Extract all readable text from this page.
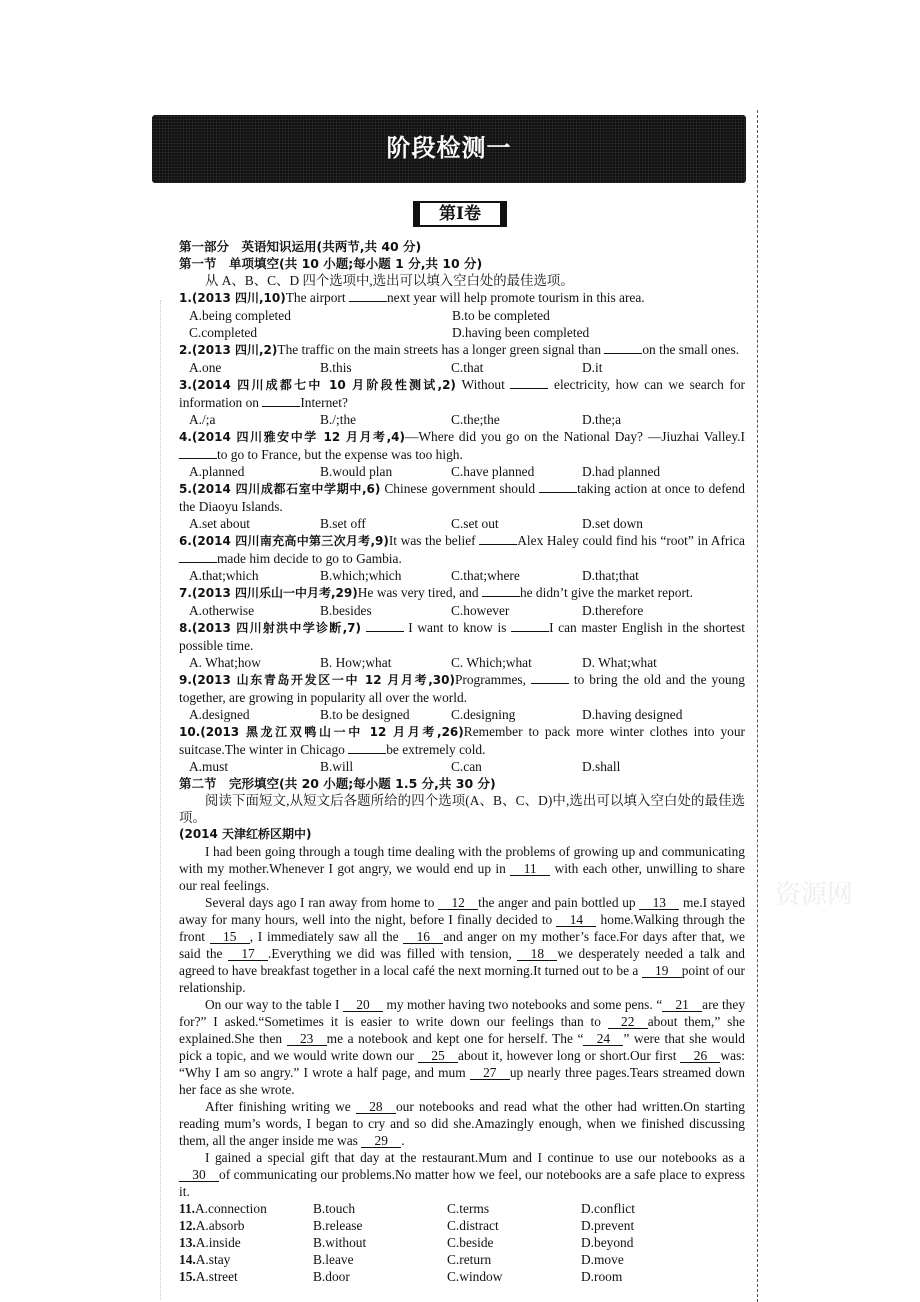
资源网
阶段检测一
第Ⅰ卷
第一部分　英语知识运用(共两节,共 40 分)
第一节　单项填空(共 10 小题;每小题 1 分,共 10 分)
从 A、B、C、D 四个选项中,选出可以填入空白处的最佳选项。
1.(2013 四川,10)The airport	next year will help promote tourism in this area.
A.being completed	B.to be completed
C.completed	D.having been completed
2.(2013 四川,2)The traffic on the main streets has a longer green signal than	on the small ones.
A.one	B.this	C.that	D.it
3.(2014 四川成都七中 10 月阶段性测试,2) Without	electricity, how can we search for information on	Internet?
A./;a	B./;the	C.the;the	D.the;a
4.(2014 四川雅安中学 12 月月考,4)—Where did you go on the National Day? —Jiuzhai Valley.I to go to France, but the expense was too high.
A.planned	B.would plan	C.have planned	D.had planned
5.(2014 四川成都石室中学期中,6) Chinese government should	taking action at once to defend the Diaoyu Islands.
A.set about	B.set off	C.set out	D.set down
6.(2014 四川南充高中第三次月考,9)It was the belief	Alex Haley could find his “root” in Africa made him decide to go to Gambia.
A.that;which	B.which;which	C.that;where	D.that;that
7.(2013 四川乐山一中月考,29)He was very tired, and	he didn’t give the market report.
A.otherwise	B.besides	C.however	D.therefore
8.(2013 四川射洪中学诊断,7)	I want to know is	I can master English in the shortest possible time.
A. What;how	B. How;what	C. Which;what	D. What;what
9.(2013 山东青岛开发区一中 12 月月考,30)Programmes,	to bring the old and the young together, are growing in popularity all over the world.
A.designed	B.to be designed	C.designing	D.having designed
10.(2013 黑龙江双鸭山一中 12 月月考,26)Remember to pack more winter clothes into your suitcase.The winter in Chicago	be extremely cold.
A.must	B.will	C.can	D.shall
第二节　完形填空(共 20 小题;每小题 1.5 分,共 30 分)
阅读下面短文,从短文后各题所给的四个选项(A、B、C、D)中,选出可以填入空白处的最佳选项。
(2014 天津红桥区期中)
I had been going through a tough time dealing with the problems of growing up and communicating with my mother.Whenever I got angry, we would end up in 11 with each other, unwilling to share our real feelings.
Several days ago I ran away from home to 12 the anger and pain bottled up 13 me.I stayed away for many hours, well into the night, before I finally decided to 14 home.Walking through the front 15 , I immediately saw all the 16 and anger on my mother’s face.For days after that, we said the 17 .Everything we did was filled with tension, 18 we desperately needed a talk and agreed to have breakfast together in a local café the next morning.It turned out to be a 19 point of our relationship.
On our way to the table I 20 my mother having two notebooks and some pens. “ 21 are they for?” I asked.“Sometimes it is easier to write down our feelings than to 22 about them,” she explained.She then 23 me a notebook and kept one for herself. The “ 24 ” were that she would pick a topic, and we would write down our 25 about it, however long or short.Our first 26 was: “Why I am so angry.” I wrote a half page, and mum 27 up nearly three pages.Tears streamed down her face as she wrote.
After finishing writing we 28 our notebooks and read what the other had written.On starting reading mum’s words, I began to cry and so did she.Amazingly enough, when we finished discussing them, all the anger inside me was 29 .
I gained a special gift that day at the restaurant.Mum and I continue to use our notebooks as a 30 of communicating our problems.No matter how we feel, our notebooks are a safe place to express it.
11.A.connection	B.touch	C.terms	D.conflict
12.A.absorb	B.release	C.distract	D.prevent
13.A.inside	B.without	C.beside	D.beyond
14.A.stay	B.leave	C.return	D.move
15.A.street	B.door	C.window	D.room
